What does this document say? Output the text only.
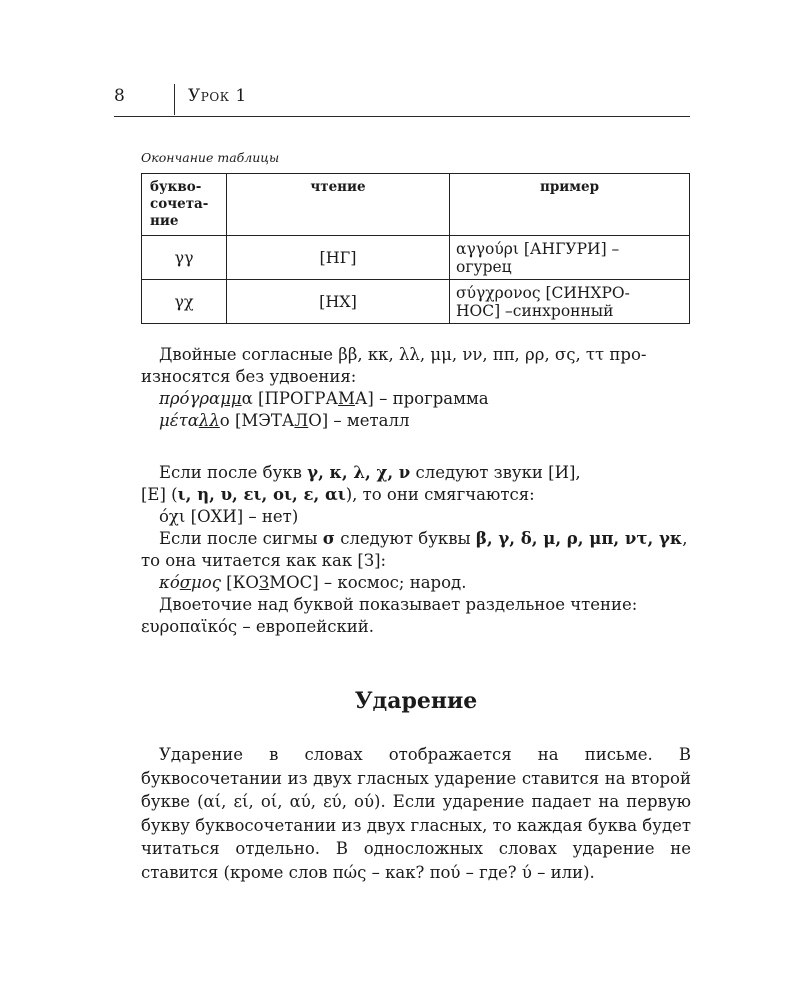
8	Урок 1
Окончание таблицы
буквo-
сочета-
ние	чтение	пример
γγ	[НГ]	αγγούρι [АНГУРИ] –
огурец
γχ	[НХ]	σύγχρονος [СИНХРО-
НОС] –синхронный

Двойные согласные ββ, κκ, λλ, μμ, νν, ππ, ρρ, σς, ττ про-

износятся без удвоения:

πρόγραμμα [ПРОГРАМА] – программа

μέταλλο [МЭТАЛО] – металл

Если после букв γ, κ, λ, χ, ν следуют звуки [И],

[Е] (ι, η, υ, ει, οι, ε, αι), то они смягчаются:

όχι [ОХИ] – нет)

Если после сигмы σ следуют буквы β, γ, δ, μ, ρ, μπ, ντ, γκ,

то она читается как как [З]:

κόσμος [КОЗМОС] – космос; народ.

Двоеточие над буквой показывает раздельное чтение:

ευροπαϊκός – европейский.

Ударение

Ударение в словах отображается на письме. В буквосочетании из двух гласных ударение ставится на второй букве (αί, εί, οί, αύ, εύ, ού). Если ударение падает на первую букву буквосочетании из двух гласных, то каждая буква будет читаться отдельно. В односложных словах ударение не ставится (кроме слов πώς – как? πού – где? ύ – или).
